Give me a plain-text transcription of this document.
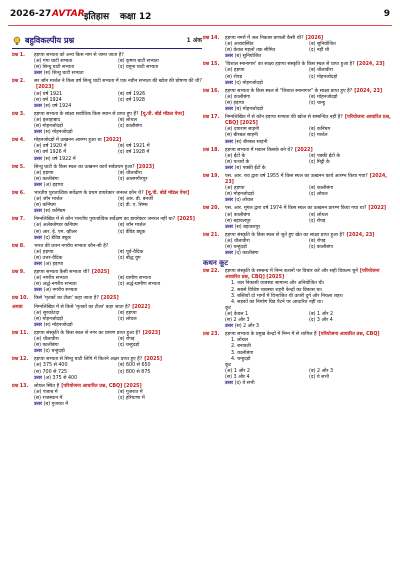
2026-27 AVTAR इतिहास कक्षा 12	9
बहुविकल्पीय प्रश्न	1 अंक
प्रश्न 1.	हड़प्पा सभ्यता को अन्य किस नाम से जाना जाता है?
(अ) गंगा घाटी सभ्यता	(ब) कृष्णा घाटी सभ्यता
(स) सिन्धु घाटी सभ्यता	(द) यमुना घाटी सभ्यता
उत्तर (स) सिन्धु घाटी सभ्यता
प्रश्न 2.	सर जॉन मार्शल ने किस वर्ष सिन्धु घाटी सभ्यता में एक नवीन सभ्यता की खोज की घोषणा की थी?[2023]
(अ) वर्ष 1921	(ब) वर्ष 1926
(स) वर्ष 1924	(द) वर्ष 1928
उत्तर (स) वर्ष 1924
प्रश्न 3.	हड़प्पा सभ्यता के सांक्ष्य सर्वाधिक किस स्थान से प्राप्त हुए हैं? [यू.पी. बोर्ड मॉडल पेपर]
(अ) इलाहाबाद	(ब) लोथल
(स) मोहनजोदड़ो	(द) कालीबंगा
उत्तर (स) मोहनजोदड़ो
प्रश्न 4.	मोहनजोदड़ो में उत्खनन आरम्भ हुआ था [2022]
(अ) वर्ष 1920 में	(ब) वर्ष 1921 में
(स) वर्ष 1926 में	(द) वर्ष 1928 में
उत्तर (स) वर्ष 1922 में
प्रश्न 5.	सिन्धु घाटी के किस स्थल का उत्खनन कार्य सर्वप्रथम हुआ? [2023]
(अ) हड़प्पा	(ब) धौलावीरा
(स) कालीबंगा	(द) आलमगीरपुर
उत्तर (अ) हड़प्पा
प्रश्न 6.	भारतीय पुरातात्विक सर्वेक्षण के प्रथम डायरेक्टर जनरल कौन थे? [यू.पी. बोर्ड मॉडल पेपर]
(अ) जॉन मार्शल	(ब) आर. डी. बनर्जी
(स) कनिंघम	(द) डी. ए. सिम्स
उत्तर (स) कनिंघम
प्रश्न 7.	निम्नलिखित में से कौन भारतीय पुरातात्विक सर्वेक्षण का डायरेक्टर जनरल नहीं था? [2025]
(अ) अलेक्जेण्डर कनिंघम	(ब) जॉन मार्शल
(स) आर. ई. एम. व्हीलर	(द) डेविड ड्यूक
उत्तर (द) डेविड ड्यूक
प्रश्न 8.	भारत की प्रथम नगरीय सभ्यता कौन-सी है?
(अ) हड़प्पा	(ब) पूर्व-वैदिक
(स) उत्तर-वैदिक	(द) बौद्ध युग
उत्तर (अ) हड़प्पा
प्रश्न 9.	हड़प्पा सभ्यता कैसी सभ्यता थी? [2025]
(अ) नगरीय सभ्यता	(ब) ग्रामीण सभ्यता
(स) अर्द्ध-नगरीय सभ्यता	(द) अर्द्ध-ग्रामीण सभ्यता
उत्तर (अ) नगरीय सभ्यता
प्रश्न 10.	किसे 'मृतकों का टीला' कहा जाता है? [2025]
अथवा	निम्नलिखित में से किसे 'मृतकों का टीला' कहा जाता है? [2022]
(अ) सुरकोटदा	(ब) हड़प्पा
(स) मोहनजोदड़ो	(द) लोथल
उत्तर (स) मोहनजोदड़ो
प्रश्न 11.	हड़प्पा संस्कृति के किस स्थल से नगर का प्रमाण प्राप्त हुआ है? [2023]
(अ) धौलावीरा	(ब) रोपड़
(स) कालीबंगा	(द) चन्हुदड़ो
उत्तर (द) चन्हुदड़ो
प्रश्न 12.	हड़प्पा सभ्यता से सिन्धु घाटी लिपि में कितने अक्षर प्राप्त हुए हैं? [2025]
(अ) 375 से 400	(ब) 600 से 650
(स) 700 से 725	(द) 800 से 875
उत्तर (अ) 375 से 400
प्रश्न 13.	लोथल स्थित है [परियोजना आधारित प्रश्न, CBQ] [2025]
(अ) पंजाब में	(ब) गुजरात में
(स) राजस्थान में	(द) हरियाणा में
उत्तर (ब) गुजरात में
प्रश्न 14.	हड़प्पा नगरों में जल निकास प्रणाली कैसी थी? [2026]
(अ) अव्यवस्थित	(ब) सुनियोजित
(स) केवल महलों तक सीमित	(द) नहीं थी
उत्तर (ब) सुनियोजित
प्रश्न 15.	'विशाल स्नानागार' का साक्ष्य हड़प्पा संस्कृति के किस स्थल से प्राप्त हुआ है? [2024, 23]
(अ) हड़प्पा	(ब) धौलावीरा
(स) रोपड़	(द) मोहनजोदड़ो
उत्तर (द) मोहनजोदड़ो
प्रश्न 16.	हड़प्पा सभ्यता के किस स्थल से "विशाल स्नानागार" के साक्ष्य प्राप्त हुए हैं? [2024, 23]
(अ) कालीबंगा	(ब) मोहनजोदड़ो
(स) हड़प्पा	(द) चान्हू
उत्तर (ब) मोहनजोदड़ो
प्रश्न 17.	निम्नलिखित में से कौन हड़प्पा सभ्यता की खोज से सम्बन्धित नहीं है? [परियोजना आधारित प्रश्न, CBQ] [2025]
(अ) दयाराम साहनी	(ब) कनिंघम
(स) बीरबल साहनी	(द) मार्शल
उत्तर (स) बीरबल साहनी
प्रश्न 18.	हड़प्पा सभ्यता में मकान किसके बने थे? [2022]
(अ) ईंटों के	(ब) पक्की ईंटों के
(स) पत्थरों के	(द) मिट्टी के
उत्तर (ब) पक्की ईंटों के
प्रश्न 19.	एस. आर. राव द्वारा वर्ष 1955 में किस स्थल का उत्खनन कार्य आरम्भ किया गया? [2024, 23]
(अ) हड़प्पा	(ब) कालीबंगा
(स) मोहनजोदड़ो	(द) लोथल
उत्तर (द) लोथल
प्रश्न 20.	एस. आर. मुगल द्वारा वर्ष 1974 में किस स्थल का उत्खनन प्रारम्भ किया गया था? [2022]
(अ) कालीबंगा	(ब) लोथल
(स) बहावलपुर	(द) रोपड़
उत्तर (स) बहावलपुर
प्रश्न 21.	हड़प्पा संस्कृति के किस स्थल से जुते हुए खेत का साक्ष्य प्राप्त हुआ है? [2024, 23]
(अ) धौलावीरा	(ब) रोपड़
(स) चन्हुदड़ो	(द) कालीबंगा
उत्तर (द) कालीबंगा
कथन कूट
प्रश्न 22.	हड़प्पा संस्कृति के सम्बन्ध में निम्न कथनों पर विचार करें और सही विकल्प चुनें [परियोजना आधारित प्रश्न, CBQ] [2025]
1. जल निकासी व्यवस्था सामान्य और अनियोजित थी।
2. सबसे विशिष्ट व्यवस्था शहरी केन्द्रों का विकास था।
3. बस्तियों दो भागों में विभाजित थी ऊपरी दुर्ग और निचला शहर।
4. सड़कों का निर्माण ग्रिड पैटर्न पर आधारित नहीं था।
कूट
(अ) केवल 1	(ब) 1 और 2
(स) 2 और 3	(द) 3 और 4
उत्तर (स) 2 और 3
प्रश्न 23.	हड़प्पा सभ्यता के प्रमुख केन्द्रों में निम्न में से शामिल हैं [परियोजना आधारित प्रश्न, CBQ]
1. लोथल
2. बनावली
3. कालीबंगा
4. चन्हुदड़ो
कूट
(अ) 1 और 2	(ब) 2 और 3
(स) 3 और 4	(द) ये सभी
उत्तर (द) ये सभी
